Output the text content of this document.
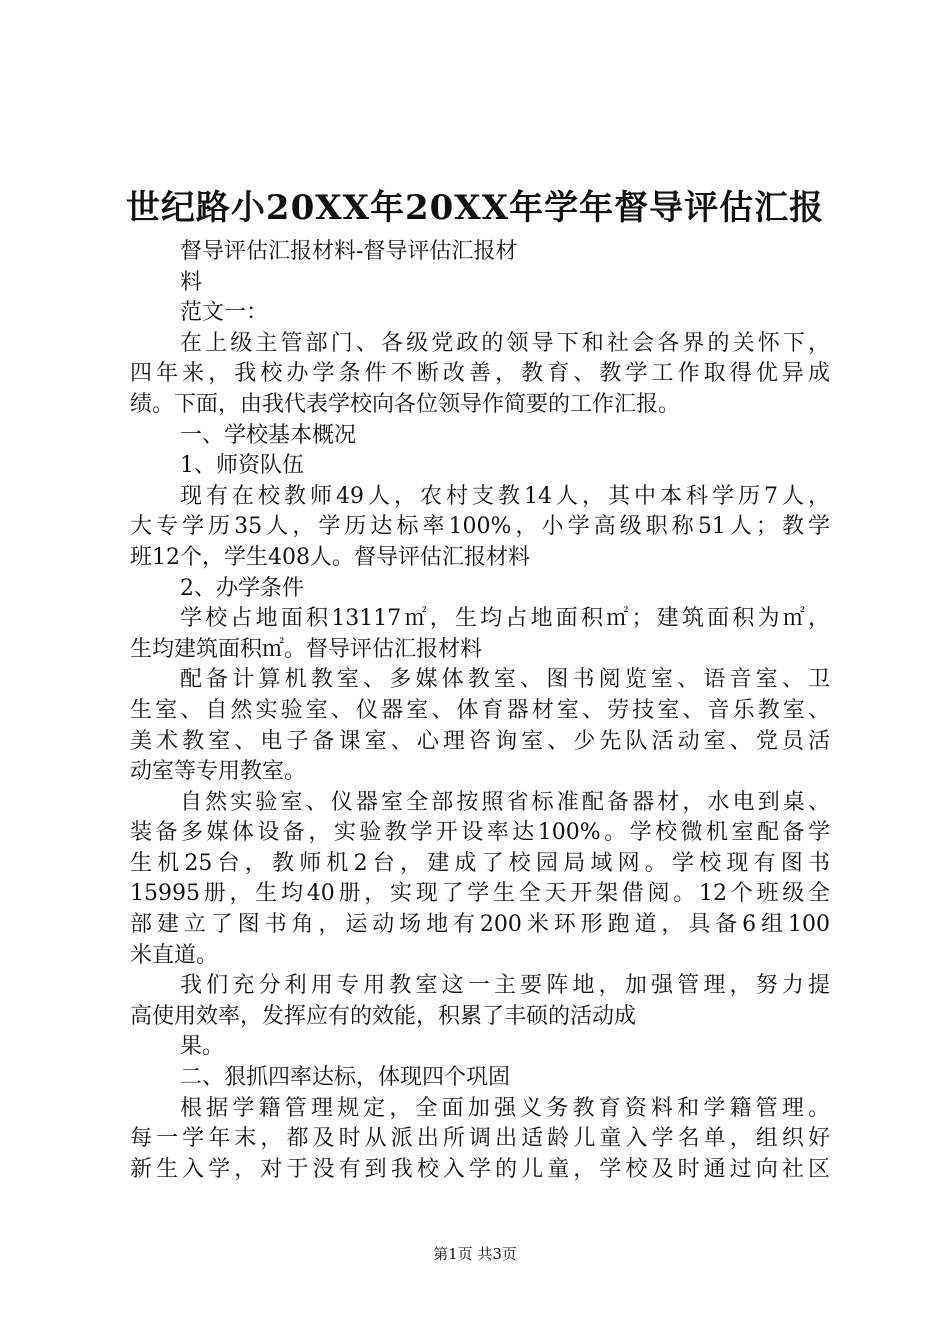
世纪路小20XX年20XX年学年督导评估汇报
督导评估汇报材料-督导评估汇报材
料
范文一：
在上级主管部门、各级党政的领导下和社会各界的关怀下，
四年来，我校办学条件不断改善，教育、教学工作取得优异成
绩。下面，由我代表学校向各位领导作简要的工作汇报。
一、学校基本概况
1、师资队伍
现有在校教师49人，农村支教14人，其中本科学历7人，
大专学历35人，学历达标率100%，小学高级职称51人；教学
班12个，学生408人。督导评估汇报材料
2、办学条件
学校占地面积13117㎡，生均占地面积㎡；建筑面积为㎡，
生均建筑面积㎡。督导评估汇报材料
配备计算机教室、多媒体教室、图书阅览室、语音室、卫
生室、自然实验室、仪器室、体育器材室、劳技室、音乐教室、
美术教室、电子备课室、心理咨询室、少先队活动室、党员活
动室等专用教室。
自然实验室、仪器室全部按照省标准配备器材，水电到桌、
装备多媒体设备，实验教学开设率达100%。学校微机室配备学
生机25台，教师机2台，建成了校园局域网。学校现有图书
15995册，生均40册，实现了学生全天开架借阅。12个班级全
部建立了图书角，运动场地有200米环形跑道，具备6组100
米直道。
我们充分利用专用教室这一主要阵地，加强管理，努力提
高使用效率，发挥应有的效能，积累了丰硕的活动成
果。
二、狠抓四率达标，体现四个巩固
根据学籍管理规定，全面加强义务教育资料和学籍管理。
每一学年末，都及时从派出所调出适龄儿童入学名单，组织好
新生入学，对于没有到我校入学的儿童，学校及时通过向社区
第1页 共3页
